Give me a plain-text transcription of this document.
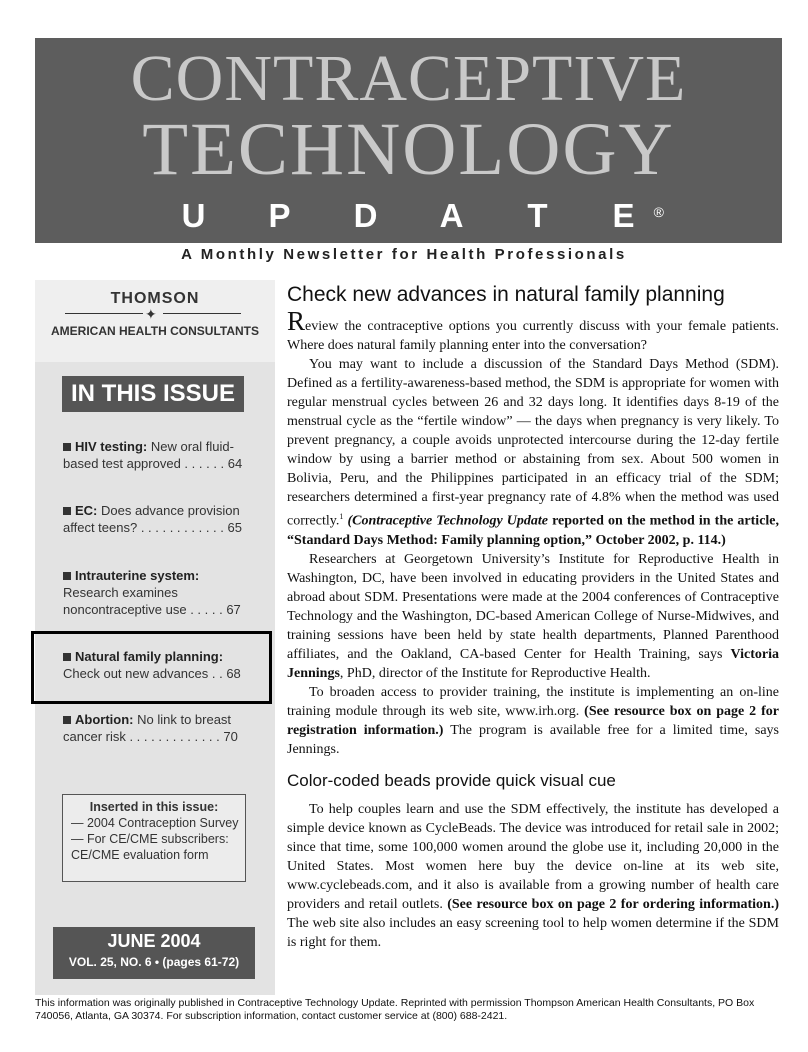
CONTRACEPTIVE
TECHNOLOGY
U P D A T E	®
A Monthly Newsletter for Health Professionals
THOMSON
✦
AMERICAN HEALTH CONSULTANTS
IN THIS ISSUE
HIV testing: New oral fluid-based test approved . . . . . . 64
EC: Does advance provision affect teens? . . . . . . . . . . . . 65
Intrauterine system:
Research examines noncontraceptive use . . . . . 67
Natural family planning:
Check out new advances . . 68
Abortion: No link to breast cancer risk . . . . . . . . . . . . . 70
Inserted in this issue:
— 2004 Contraception Survey
— For CE/CME subscribers: CE/CME evaluation form
JUNE 2004
VOL. 25, NO. 6 • (pages 61-72)
Check new advances in natural family planning

Review the contraceptive options you currently discuss with your female patients. Where does natural family planning enter into the conversation?

You may want to include a discussion of the Standard Days Method (SDM). Defined as a fertility-awareness-based method, the SDM is appropriate for women with regular menstrual cycles between 26 and 32 days long. It identifies days 8-19 of the menstrual cycle as the “fertile window” — the days when pregnancy is very likely. To prevent pregnancy, a couple avoids unprotected intercourse during the 12-day fertile window by using a barrier method or abstaining from sex. About 500 women in Bolivia, Peru, and the Philippines participated in an efficacy trial of the SDM; researchers determined a first-year pregnancy rate of 4.8% when the method was used correctly.$^1$ (Contraceptive Technology Update reported on the method in the article, “Standard Days Method: Family planning option,” October 2002, p. 114.)

Researchers at Georgetown University’s Institute for Reproductive Health in Washington, DC, have been involved in educating providers in the United States and abroad about SDM. Presentations were made at the 2004 conferences of Contraceptive Technology and the Washington, DC-based American College of Nurse-Midwives, and training sessions have been held by state health departments, Planned Parenthood affiliates, and the Oakland, CA-based Center for Health Training, says Victoria Jennings, PhD, director of the Institute for Reproductive Health.

To broaden access to provider training, the institute is implementing an on-line training module through its web site, www.irh.org. (See resource box on page 2 for registration information.) The program is available free for a limited time, says Jennings.

Color-coded beads provide quick visual cue

To help couples learn and use the SDM effectively, the institute has developed a simple device known as CycleBeads. The device was introduced for retail sale in 2002; since that time, some 100,000 women around the globe use it, including 20,000 in the United States. Most women here buy the device on-line at its web site, www.cyclebeads.com, and it also is available from a growing number of health care providers and retail outlets. (See resource box on page 2 for ordering information.) The web site also includes an easy screening tool to help women determine if the SDM is right for them.

This information was originally published in Contraceptive Technology Update. Reprinted with permission Thompson American Health Consultants, PO Box 740056, Atlanta, GA 30374. For subscription information, contact customer service at (800) 688-2421.
